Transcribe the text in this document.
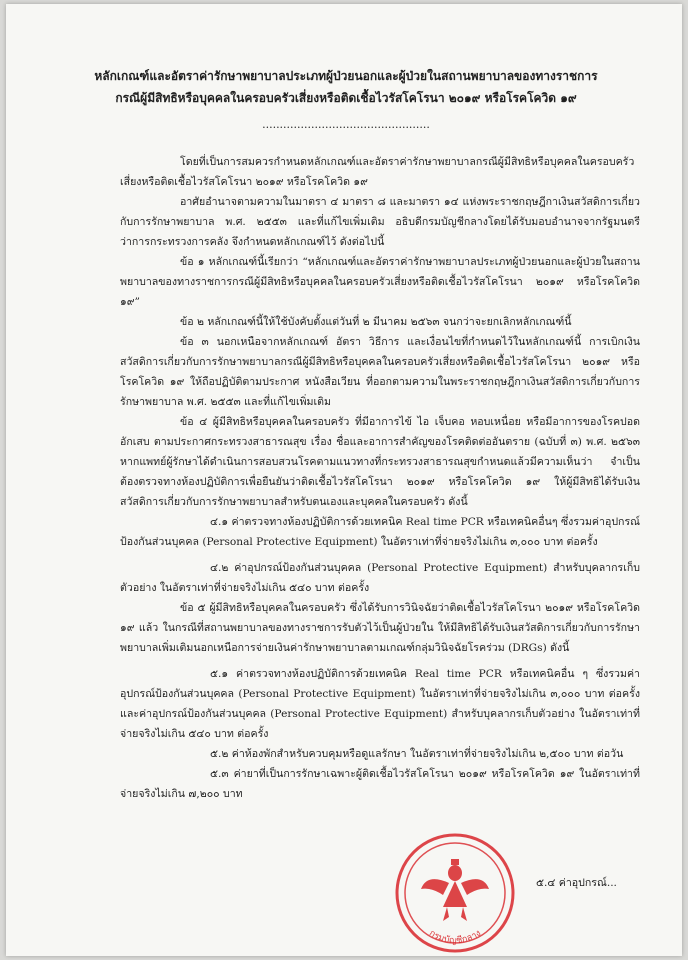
หลักเกณฑ์และอัตราค่ารักษาพยาบาลประเภทผู้ป่วยนอกและผู้ป่วยในสถานพยาบาลของทางราชการ
กรณีผู้มีสิทธิหรือบุคคลในครอบครัวเสี่ยงหรือติดเชื้อไวรัสโคโรนา ๒๐๑๙ หรือโรคโควิด ๑๙
................................................

โดยที่เป็นการสมควรกำหนดหลักเกณฑ์และอัตราค่ารักษาพยาบาลกรณีผู้มีสิทธิหรือบุคคลในครอบครัวเสี่ยงหรือติดเชื้อไวรัสโคโรนา ๒๐๑๙ หรือโรคโควิด ๑๙

อาศัยอำนาจตามความในมาตรา ๔ มาตรา ๘ และมาตรา ๑๔ แห่งพระราชกฤษฎีกาเงินสวัสดิการเกี่ยวกับการรักษาพยาบาล พ.ศ. ๒๕๕๓ และที่แก้ไขเพิ่มเติม อธิบดีกรมบัญชีกลางโดยได้รับมอบอำนาจจากรัฐมนตรีว่าการกระทรวงการคลัง จึงกำหนดหลักเกณฑ์ไว้ ดังต่อไปนี้

ข้อ ๑ หลักเกณฑ์นี้เรียกว่า “หลักเกณฑ์และอัตราค่ารักษาพยาบาลประเภทผู้ป่วยนอกและผู้ป่วยในสถานพยาบาลของทางราชการกรณีผู้มีสิทธิหรือบุคคลในครอบครัวเสี่ยงหรือติดเชื้อไวรัสโคโรนา ๒๐๑๙ หรือโรคโควิด ๑๙”

ข้อ ๒ หลักเกณฑ์นี้ให้ใช้บังคับตั้งแต่วันที่ ๒ มีนาคม ๒๕๖๓ จนกว่าจะยกเลิกหลักเกณฑ์นี้

ข้อ ๓ นอกเหนือจากหลักเกณฑ์ อัตรา วิธีการ และเงื่อนไขที่กำหนดไว้ในหลักเกณฑ์นี้ การเบิกเงินสวัสดิการเกี่ยวกับการรักษาพยาบาลกรณีผู้มีสิทธิหรือบุคคลในครอบครัวเสี่ยงหรือติดเชื้อไวรัสโคโรนา ๒๐๑๙ หรือโรคโควิด ๑๙ ให้ถือปฏิบัติตามประกาศ หนังสือเวียน ที่ออกตามความในพระราชกฤษฎีกาเงินสวัสดิการเกี่ยวกับการรักษาพยาบาล พ.ศ. ๒๕๕๓ และที่แก้ไขเพิ่มเติม

ข้อ ๔ ผู้มีสิทธิหรือบุคคลในครอบครัว ที่มีอาการไข้ ไอ เจ็บคอ หอบเหนื่อย หรือมีอาการของโรคปอดอักเสบ ตามประกาศกระทรวงสาธารณสุข เรื่อง ชื่อและอาการสำคัญของโรคติดต่ออันตราย (ฉบับที่ ๓) พ.ศ. ๒๕๖๓ หากแพทย์ผู้รักษาได้ดำเนินการสอบสวนโรคตามแนวทางที่กระทรวงสาธารณสุขกำหนดแล้วมีความเห็นว่า จำเป็นต้องตรวจทางห้องปฏิบัติการเพื่อยืนยันว่าติดเชื้อไวรัสโคโรนา ๒๐๑๙ หรือโรคโควิด ๑๙ ให้ผู้มีสิทธิได้รับเงินสวัสดิการเกี่ยวกับการรักษาพยาบาลสำหรับตนเองและบุคคลในครอบครัว ดังนี้

๔.๑ ค่าตรวจทางห้องปฏิบัติการด้วยเทคนิค Real time PCR หรือเทคนิคอื่นๆ ซึ่งรวมค่าอุปกรณ์ป้องกันส่วนบุคคล (Personal Protective Equipment) ในอัตราเท่าที่จ่ายจริงไม่เกิน ๓,๐๐๐ บาท ต่อครั้ง

๔.๒ ค่าอุปกรณ์ป้องกันส่วนบุคคล (Personal Protective Equipment) สำหรับบุคลากรเก็บตัวอย่าง ในอัตราเท่าที่จ่ายจริงไม่เกิน ๕๔๐ บาท ต่อครั้ง

ข้อ ๕ ผู้มีสิทธิหรือบุคคลในครอบครัว ซึ่งได้รับการวินิจฉัยว่าติดเชื้อไวรัสโคโรนา ๒๐๑๙ หรือโรคโควิด ๑๙ แล้ว ในกรณีที่สถานพยาบาลของทางราชการรับตัวไว้เป็นผู้ป่วยใน ให้มีสิทธิได้รับเงินสวัสดิการเกี่ยวกับการรักษาพยาบาลเพิ่มเติมนอกเหนือการจ่ายเงินค่ารักษาพยาบาลตามเกณฑ์กลุ่มวินิจฉัยโรคร่วม (DRGs) ดังนี้

๕.๑ ค่าตรวจทางห้องปฏิบัติการด้วยเทคนิค Real time PCR หรือเทคนิคอื่น ๆ ซึ่งรวมค่าอุปกรณ์ป้องกันส่วนบุคคล (Personal Protective Equipment) ในอัตราเท่าที่จ่ายจริงไม่เกิน ๓,๐๐๐ บาท ต่อครั้ง และค่าอุปกรณ์ป้องกันส่วนบุคคล (Personal Protective Equipment) สำหรับบุคลากรเก็บตัวอย่าง ในอัตราเท่าที่จ่ายจริงไม่เกิน ๕๔๐ บาท ต่อครั้ง

๕.๒ ค่าห้องพักสำหรับควบคุมหรือดูแลรักษา ในอัตราเท่าที่จ่ายจริงไม่เกิน ๒,๕๐๐ บาท ต่อวัน

๕.๓ ค่ายาที่เป็นการรักษาเฉพาะผู้ติดเชื้อไวรัสโคโรนา ๒๐๑๙ หรือโรคโควิด ๑๙ ในอัตราเท่าที่จ่ายจริงไม่เกิน ๗,๒๐๐ บาท

กรมบัญชีกลาง
๕.๔ ค่าอุปกรณ์...
